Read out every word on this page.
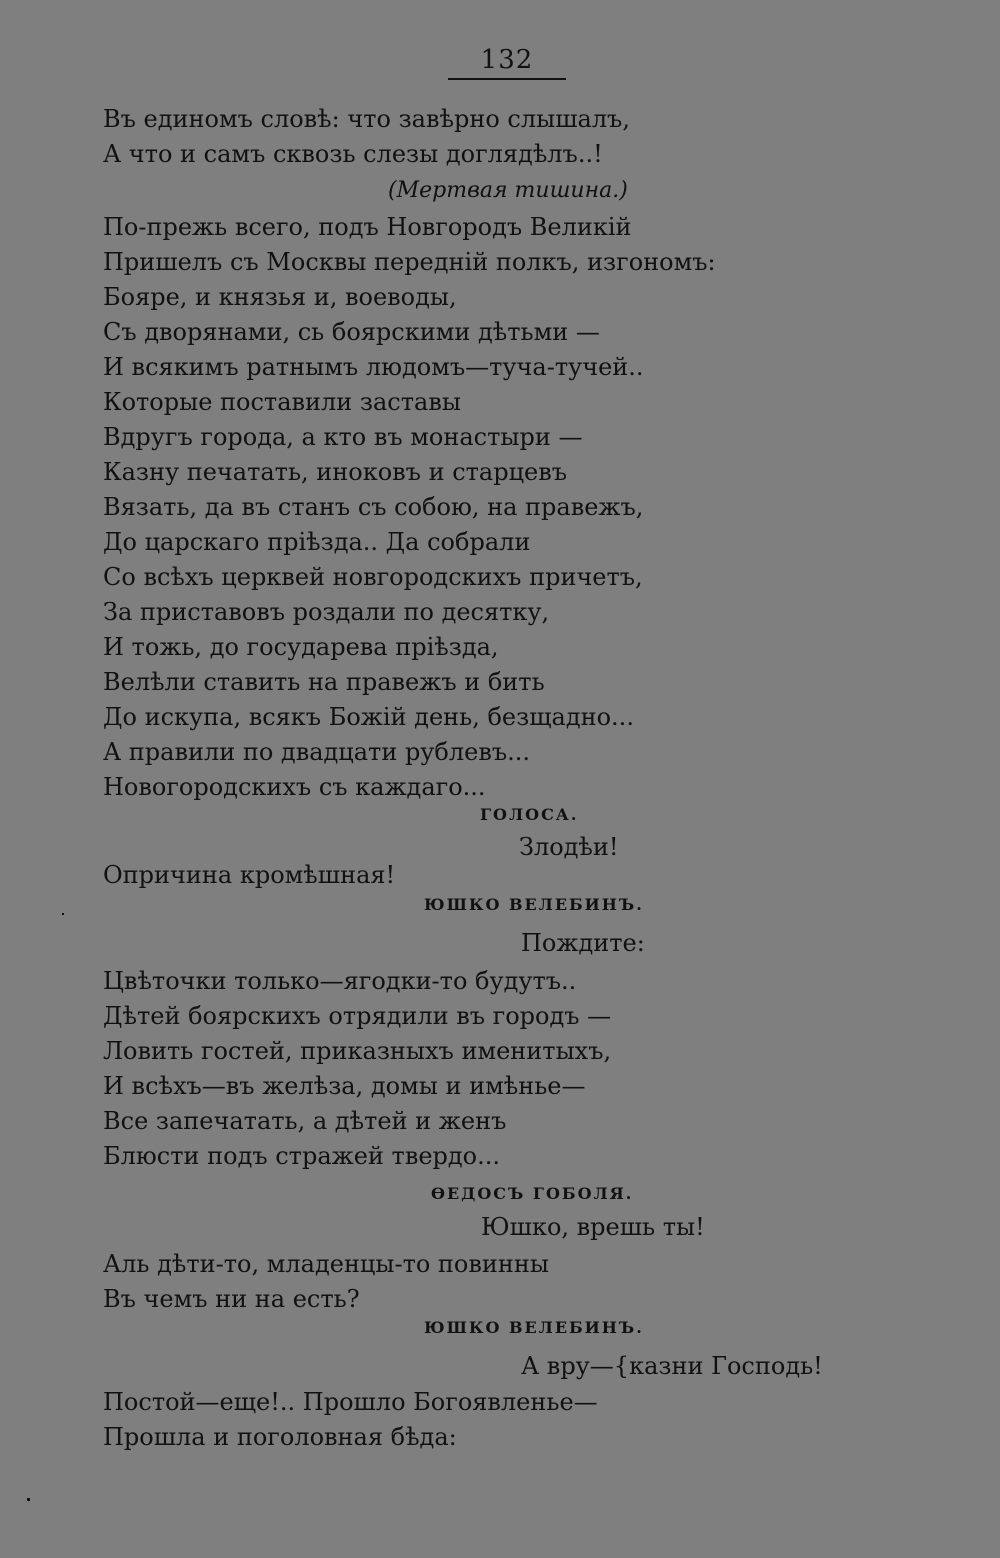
132
Въ единомъ словѣ: что завѣрно слышалъ,
А что и самъ сквозь слезы доглядѣлъ..!
(Мертвая тишина.)
По-прежь всего, подъ Новгородъ Великій
Пришелъ съ Москвы передній полкъ, изгономъ:
Бояре, и князья и, воеводы,
Съ дворянами, сь боярскими дѣтьми —
И всякимъ ратнымъ людомъ—туча-тучей..
Которые поставили заставы
Вдругъ города, а кто въ монастыри —
Казну печатать, иноковъ и старцевъ
Вязать, да въ станъ съ собою, на правежъ,
До царскаго прiѣзда.. Да собрали
Со всѣхъ церквей новгородскихъ причетъ,
За приставовъ роздали по десятку,
И тожь, до государева прiѣзда,
Велѣли ставить на правежъ и бить
До искупа, всякъ Божій день, безщадно...
А правили по двадцати рублевъ...
Новогородскихъ съ каждаго...
ГОЛОСА.
Злодѣи!
Опричина кромѣшная!
ЮШКО ВЕЛЕБИНЪ.
Пождите:
Цвѣточки только—ягодки-то будутъ..
Дѣтей боярскихъ отрядили въ городъ —
Ловить гостей, приказныхъ именитыхъ,
И всѣхъ—въ желѣза, домы и имѣнье—
Все запечатать, а дѣтей и женъ
Блюсти подъ стражей твердо...
ѲЕДОСЪ ГОБОЛЯ.
Юшко, врешь ты!
Аль дѣти-то, младенцы-то повинны
Въ чемъ ни на есть?
ЮШКО ВЕЛЕБИНЪ.
А вру—{казни Господь!
Постой—еще!.. Прошло Богоявленье—
Прошла и поголовная бѣда:
